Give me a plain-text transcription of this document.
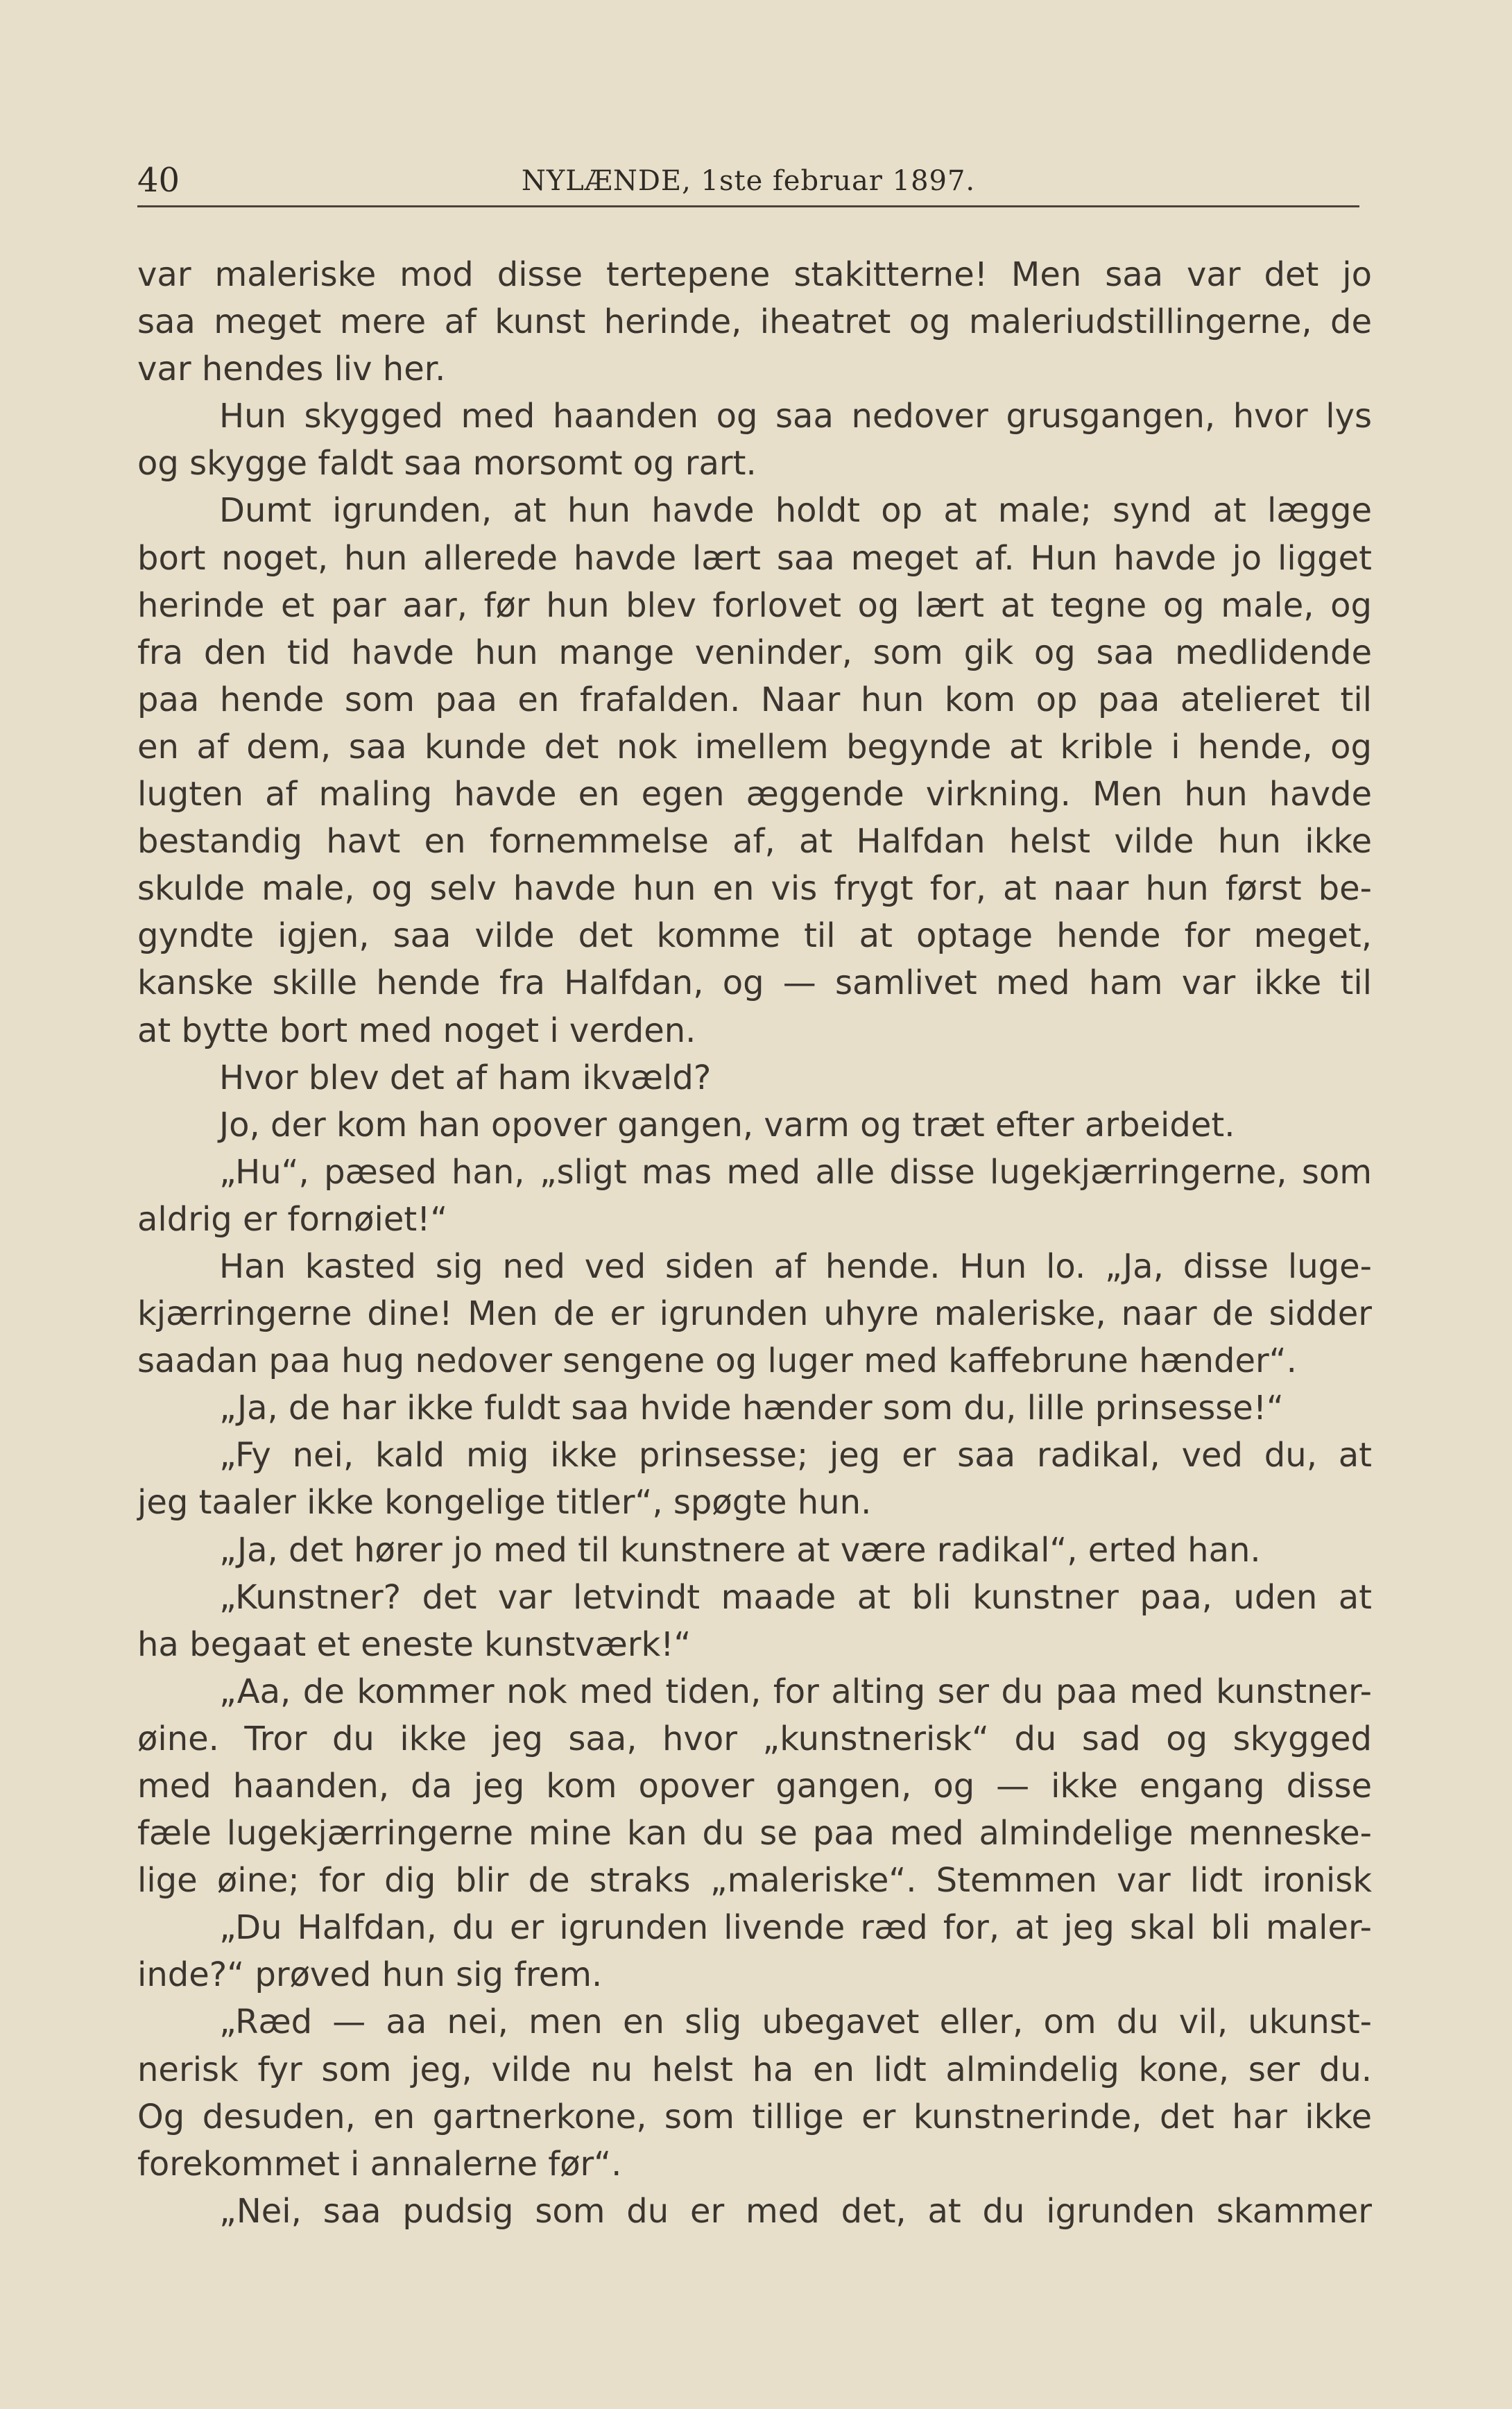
40	NYLÆNDE, 1ste februar 1897.
var maleriske mod disse tertepene stakitterne! Men saa var det jo
saa meget mere af kunst herinde, iheatret og maleriudstillingerne, de
var hendes liv her.
Hun skygged med haanden og saa nedover grusgangen, hvor lys
og skygge faldt saa morsomt og rart.
Dumt igrunden, at hun havde holdt op at male; synd at lægge
bort noget, hun allerede havde lært saa meget af. Hun havde jo ligget
herinde et par aar, før hun blev forlovet og lært at tegne og male, og
fra den tid havde hun mange veninder, som gik og saa medlidende
paa hende som paa en frafalden. Naar hun kom op paa atelieret til
en af dem, saa kunde det nok imellem begynde at krible i hende, og
lugten af maling havde en egen æggende virkning. Men hun havde
bestandig havt en fornemmelse af, at Halfdan helst vilde hun ikke
skulde male, og selv havde hun en vis frygt for, at naar hun først be-
gyndte igjen, saa vilde det komme til at optage hende for meget,
kanske skille hende fra Halfdan, og — samlivet med ham var ikke til
at bytte bort med noget i verden.
Hvor blev det af ham ikvæld?
Jo, der kom han opover gangen, varm og træt efter arbeidet.
„Hu“, pæsed han, „sligt mas med alle disse lugekjærringerne, som
aldrig er fornøiet!“
Han kasted sig ned ved siden af hende. Hun lo. „Ja, disse luge-
kjærringerne dine! Men de er igrunden uhyre maleriske, naar de sidder
saadan paa hug nedover sengene og luger med kaffebrune hænder“.
„Ja, de har ikke fuldt saa hvide hænder som du, lille prinsesse!“
„Fy nei, kald mig ikke prinsesse; jeg er saa radikal, ved du, at
jeg taaler ikke kongelige titler“, spøgte hun.
„Ja, det hører jo med til kunstnere at være radikal“, erted han.
„Kunstner? det var letvindt maade at bli kunstner paa, uden at
ha begaat et eneste kunstværk!“
„Aa, de kommer nok med tiden, for alting ser du paa med kunstner-
øine. Tror du ikke jeg saa, hvor „kunstnerisk“ du sad og skygged
med haanden, da jeg kom opover gangen, og — ikke engang disse
fæle lugekjærringerne mine kan du se paa med almindelige menneske-
lige øine; for dig blir de straks „maleriske“. Stemmen var lidt ironisk
„Du Halfdan, du er igrunden livende ræd for, at jeg skal bli maler-
inde?“ prøved hun sig frem.
„Ræd — aa nei, men en slig ubegavet eller, om du vil, ukunst-
nerisk fyr som jeg, vilde nu helst ha en lidt almindelig kone, ser du.
Og desuden, en gartnerkone, som tillige er kunstnerinde, det har ikke
forekommet i annalerne før“.
„Nei, saa pudsig som du er med det, at du igrunden skammer
